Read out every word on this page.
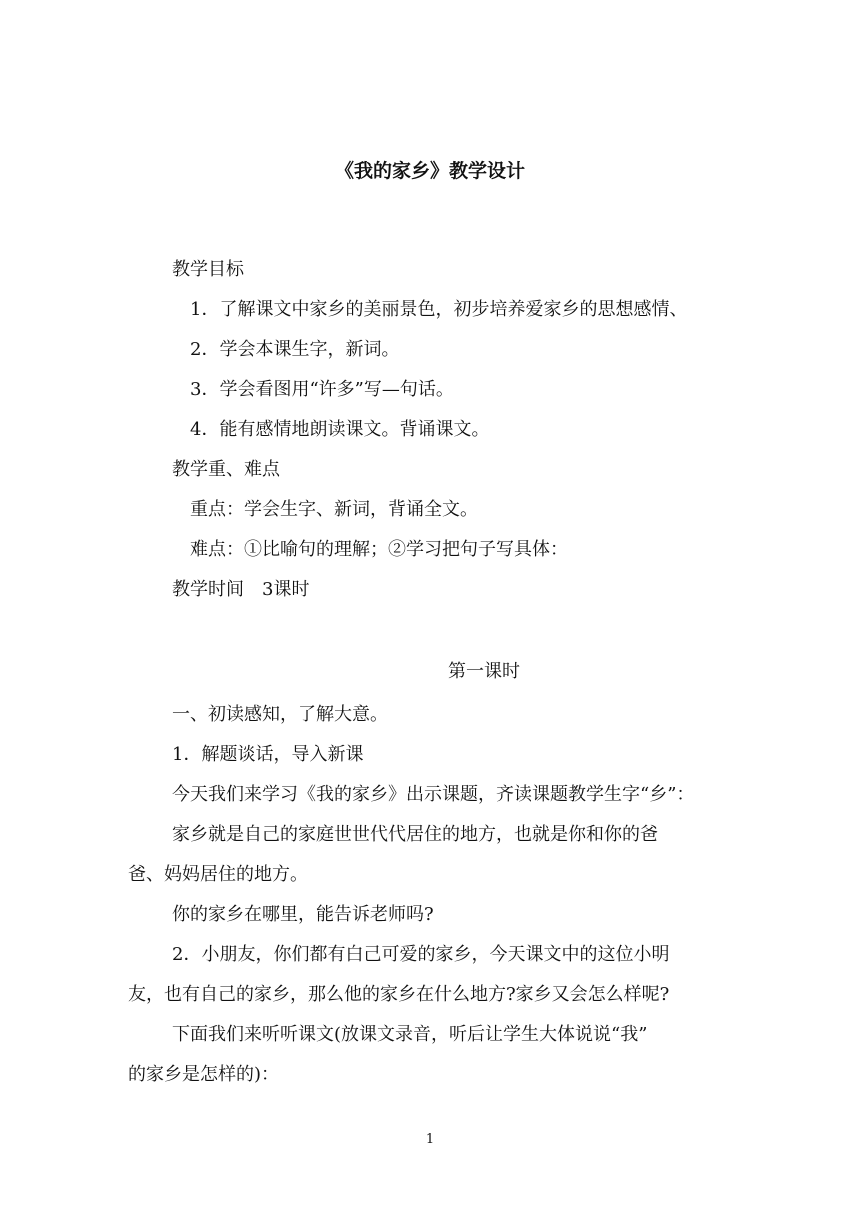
《我的家乡》教学设计
教学目标
1．了解课文中家乡的美丽景色，初步培养爱家乡的思想感情、
2．学会本课生字，新词。
3．学会看图用“许多”写—句话。
4．能有感情地朗读课文。背诵课文。
教学重、难点
重点：学会生字、新词，背诵全文。
难点：①比喻句的理解；②学习把句子写具体：
教学时间　3课时
第一课时
一、初读感知，了解大意。
1．解题谈话，导入新课
今天我们来学习《我的家乡》出示课题，齐读课题教学生字“乡”：
家乡就是自己的家庭世世代代居住的地方，也就是你和你的爸
爸、妈妈居住的地方。
你的家乡在哪里，能告诉老师吗?
2．小朋友，你们都有白己可爱的家乡，今天课文中的这位小明
友，也有自己的家乡，那么他的家乡在什么地方?家乡又会怎么样呢?
下面我们来听听课文(放课文录音，听后让学生大体说说“我”
的家乡是怎样的)：
1
